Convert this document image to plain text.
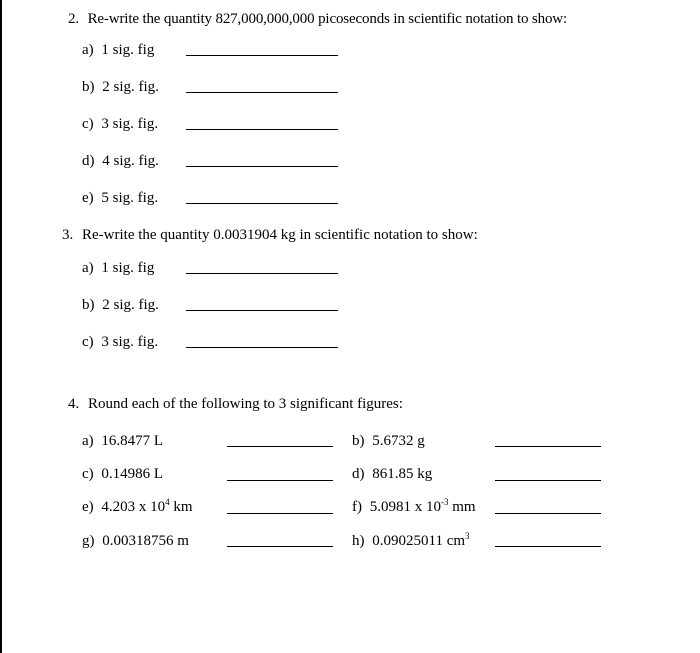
2. Re-write the quantity 827,000,000,000 picoseconds in scientific notation to show:
a) 1 sig. fig
b) 2 sig. fig.
c) 3 sig. fig.
d) 4 sig. fig.
e) 5 sig. fig.
3. Re-write the quantity 0.0031904 kg in scientific notation to show:
a) 1 sig. fig
b) 2 sig. fig.
c) 3 sig. fig.
4. Round each of the following to 3 significant figures:
a) 16.8477 L	b) 5.6732 g
c) 0.14986 L	d) 861.85 kg
e) 4.203 x $10^4$ km	f) 5.0981 x $10^{-3}$ mm
g) 0.00318756 m	h) 0.09025011 $cm^3$
